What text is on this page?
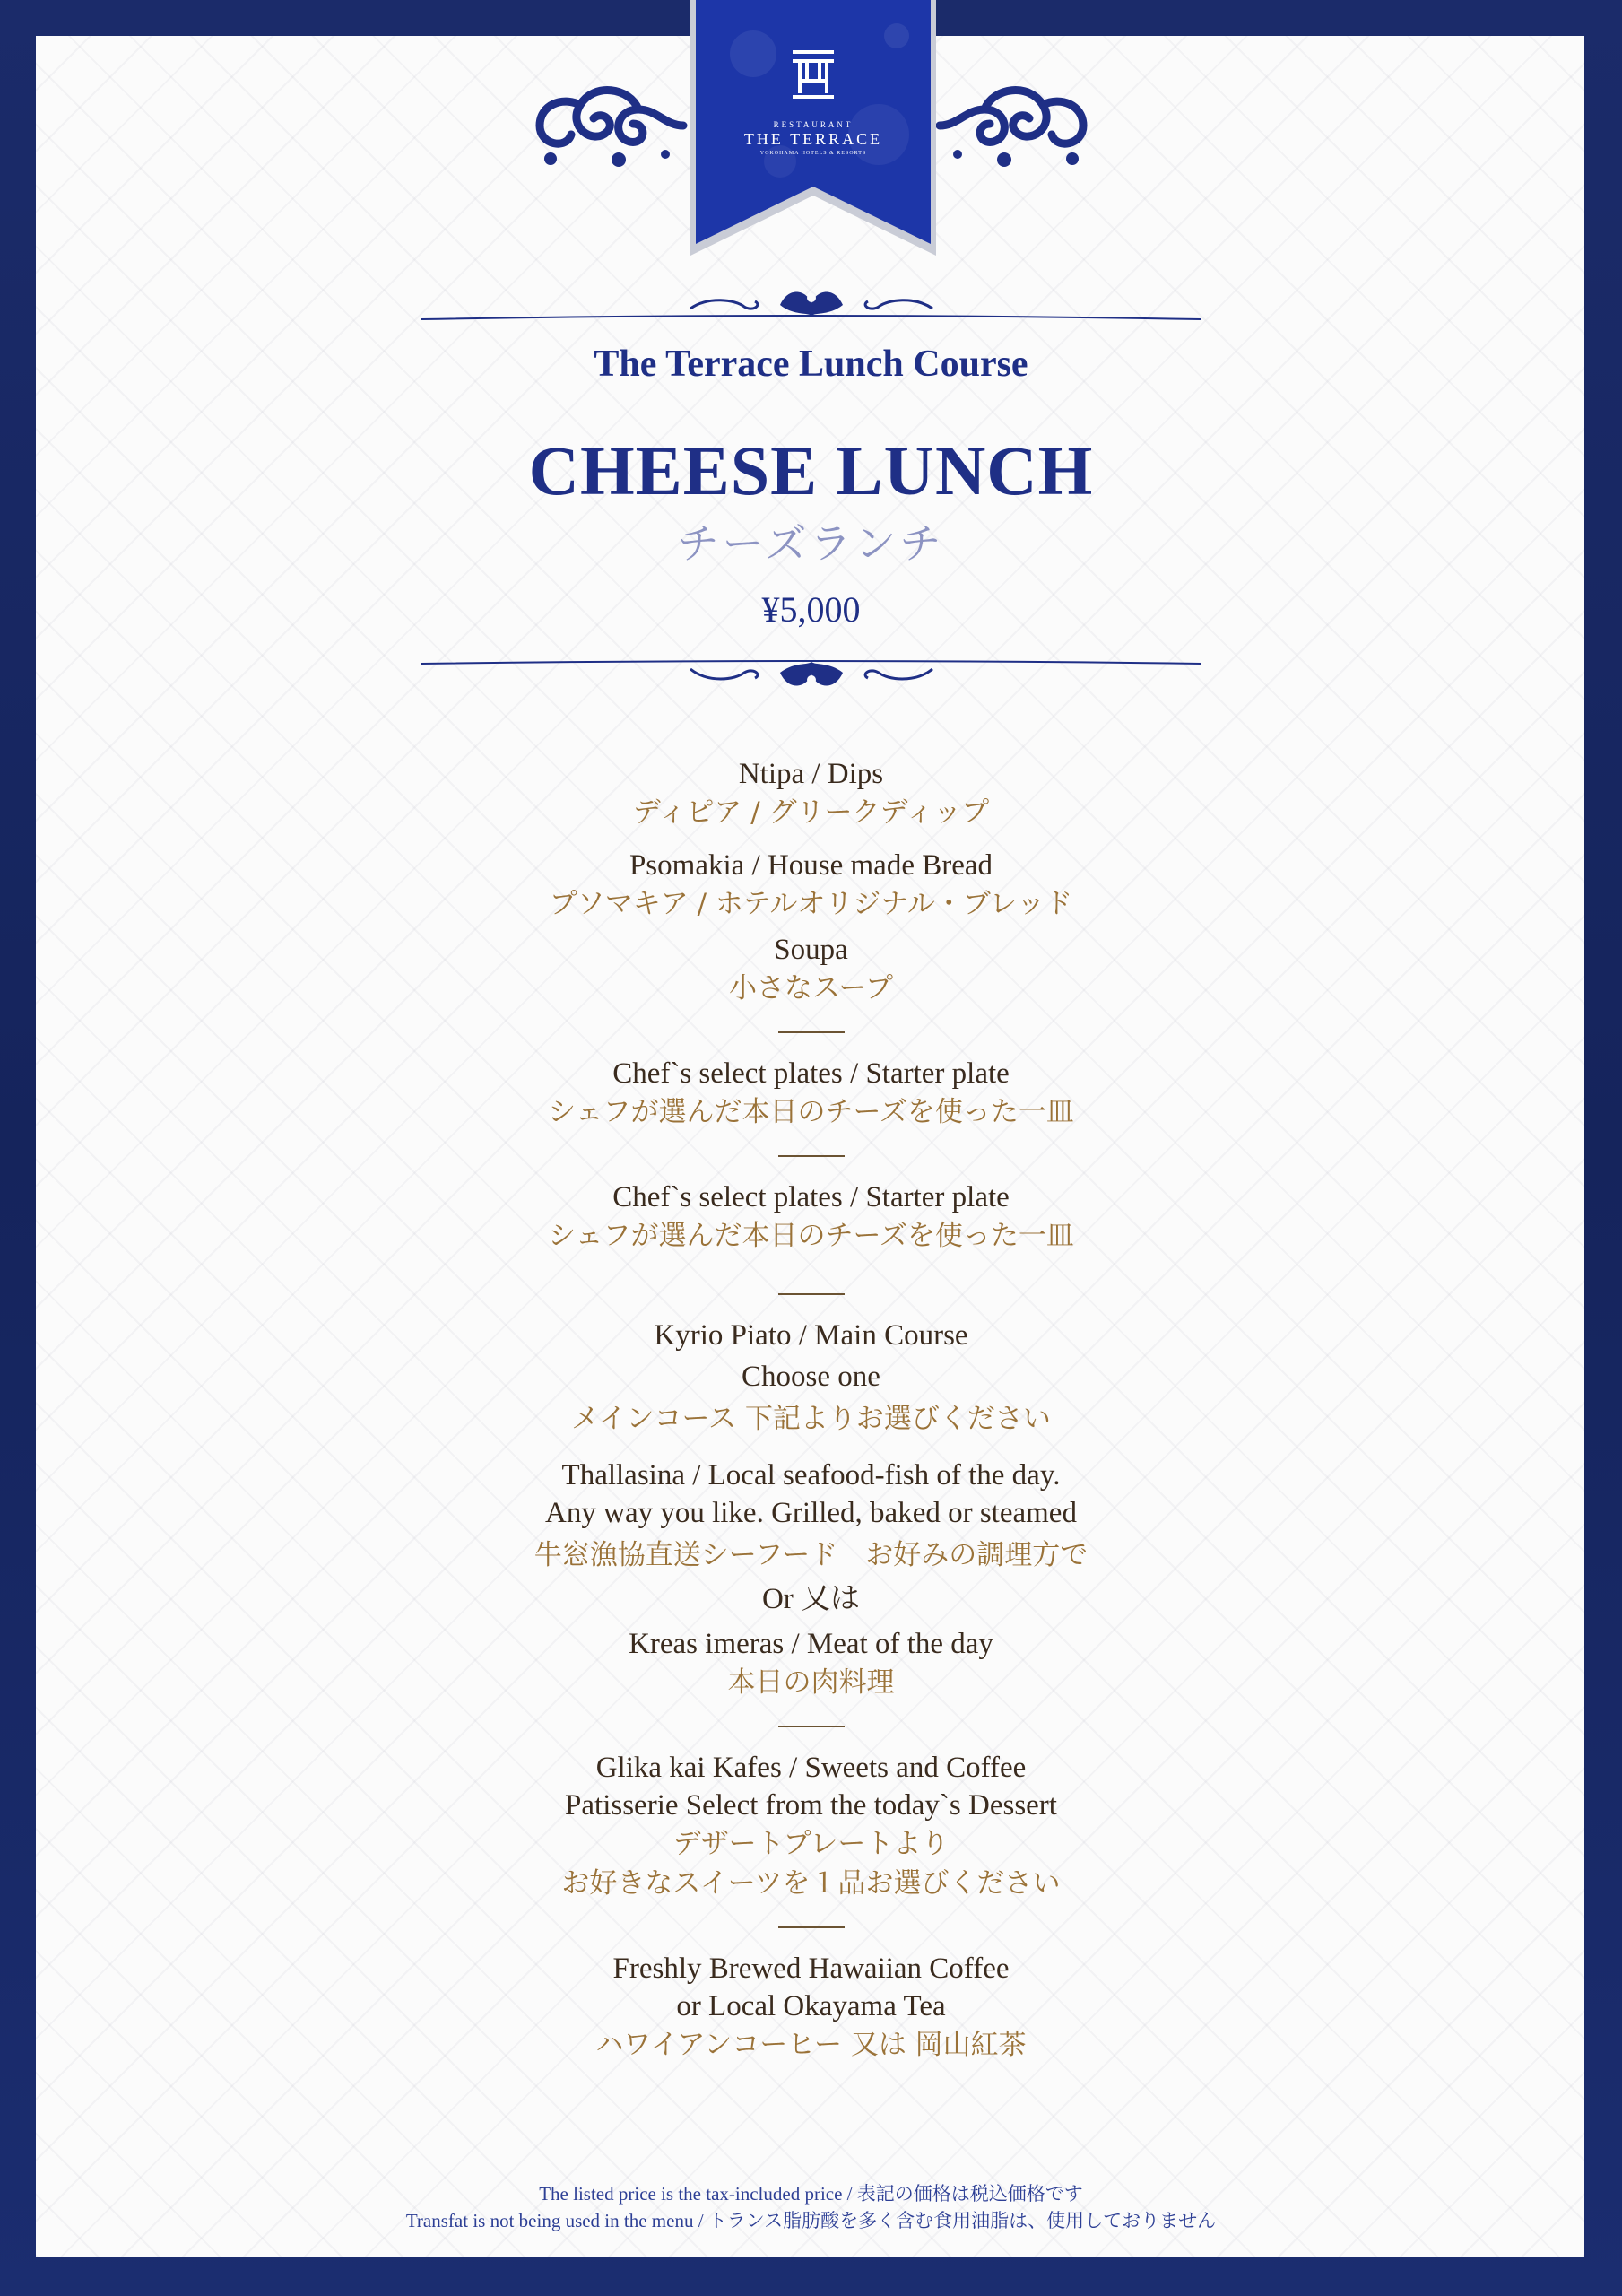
RESTAURANT
THE TERRACE
YOKOHAMA HOTELS & RESORTS
The Terrace Lunch Course
CHEESE LUNCH
チーズランチ
¥5,000
Ntipa / Dips
ディピア / グリークディップ
Psomakia / House made Bread
プソマキア / ホテルオリジナル・ブレッド
Soupa
小さなスープ
Chef`s select plates / Starter plate
シェフが選んだ本日のチーズを使った一皿
Chef`s select plates / Starter plate
シェフが選んだ本日のチーズを使った一皿
Kyrio Piato / Main Course
Choose one
メインコース 下記よりお選びください
Thallasina / Local seafood-fish of the day.
Any way you like. Grilled, baked or steamed
牛窓漁協直送シーフード　お好みの調理方で
Or 又は
Kreas imeras / Meat of the day
本日の肉料理
Glika kai Kafes / Sweets and Coffee
Patisserie Select from the today`s Dessert
デザートプレートより
お好きなスイーツを１品お選びください
Freshly Brewed Hawaiian Coffee
or Local Okayama Tea
ハワイアンコーヒー 又は 岡山紅茶
The listed price is the tax-included price / 表記の価格は税込価格です
Transfat is not being used in the menu / トランス脂肪酸を多く含む食用油脂は、使用しておりません
